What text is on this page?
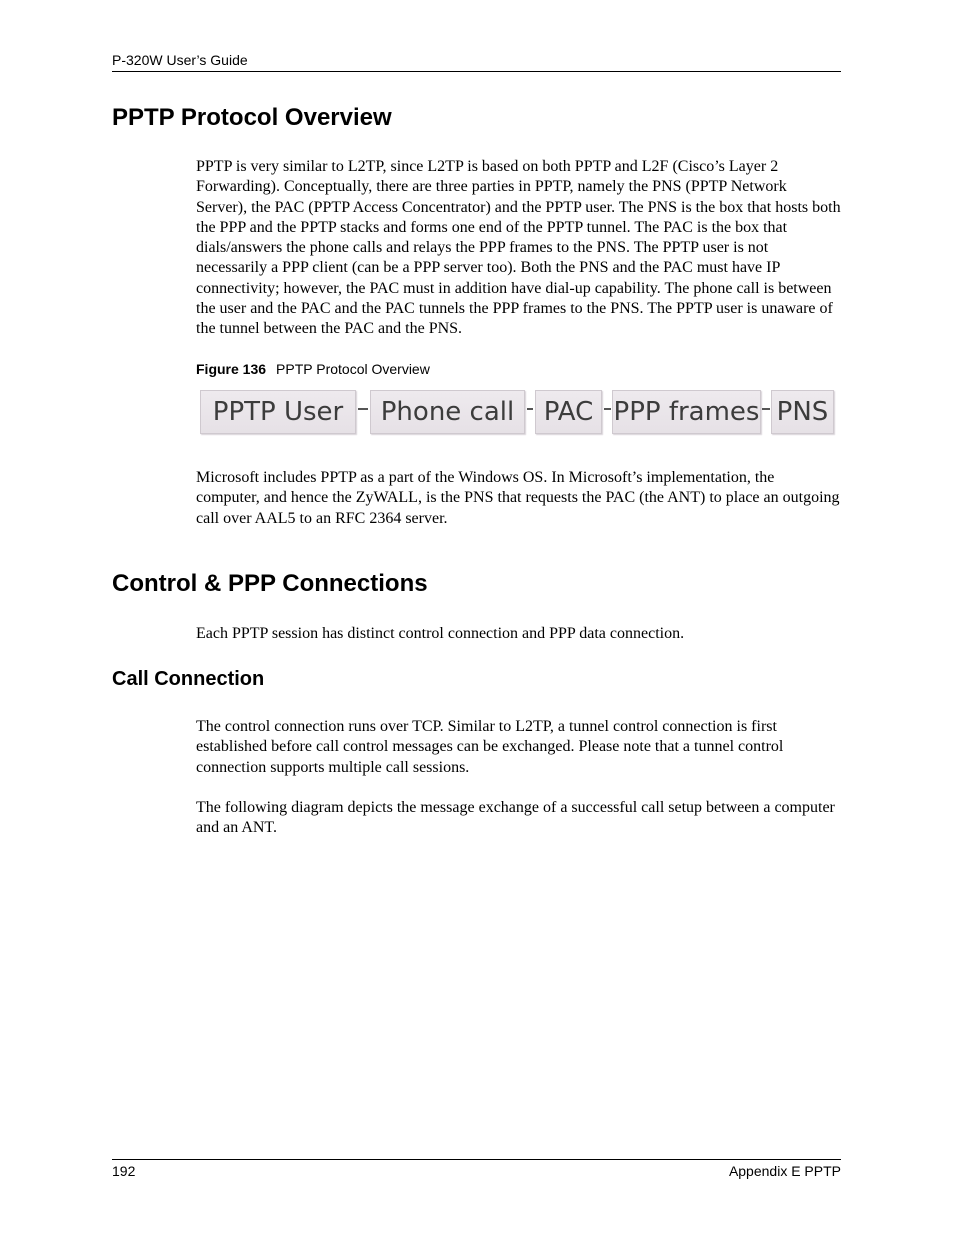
P-320W User’s Guide
PPTP Protocol Overview

PPTP is very similar to L2TP, since L2TP is based on both PPTP and L2F (Cisco’s Layer 2 Forwarding). Conceptually, there are three parties in PPTP, namely the PNS (PPTP Network Server), the PAC (PPTP Access Concentrator) and the PPTP user. The PNS is the box that hosts both the PPP and the PPTP stacks and forms one end of the PPTP tunnel. The PAC is the box that dials/answers the phone calls and relays the PPP frames to the PNS. The PPTP user is not necessarily a PPP client (can be a PPP server too). Both the PNS and the PAC must have IP connectivity; however, the PAC must in addition have dial-up capability. The phone call is between the user and the PAC and the PAC tunnels the PPP frames to the PNS. The PPTP user is unaware of the tunnel between the PAC and the PNS.

Figure 136 PPTP Protocol Overview
PPTP User	Phone call	PAC PPP frames PNS

Microsoft includes PPTP as a part of the Windows OS. In Microsoft’s implementation, the computer, and hence the ZyWALL, is the PNS that requests the PAC (the ANT) to place an outgoing call over AAL5 to an RFC 2364 server.

Control & PPP Connections

Each PPTP session has distinct control connection and PPP data connection.

Call Connection

The control connection runs over TCP. Similar to L2TP, a tunnel control connection is first established before call control messages can be exchanged. Please note that a tunnel control connection supports multiple call sessions.

The following diagram depicts the message exchange of a successful call setup between a computer and an ANT.

192	Appendix E PPTP
